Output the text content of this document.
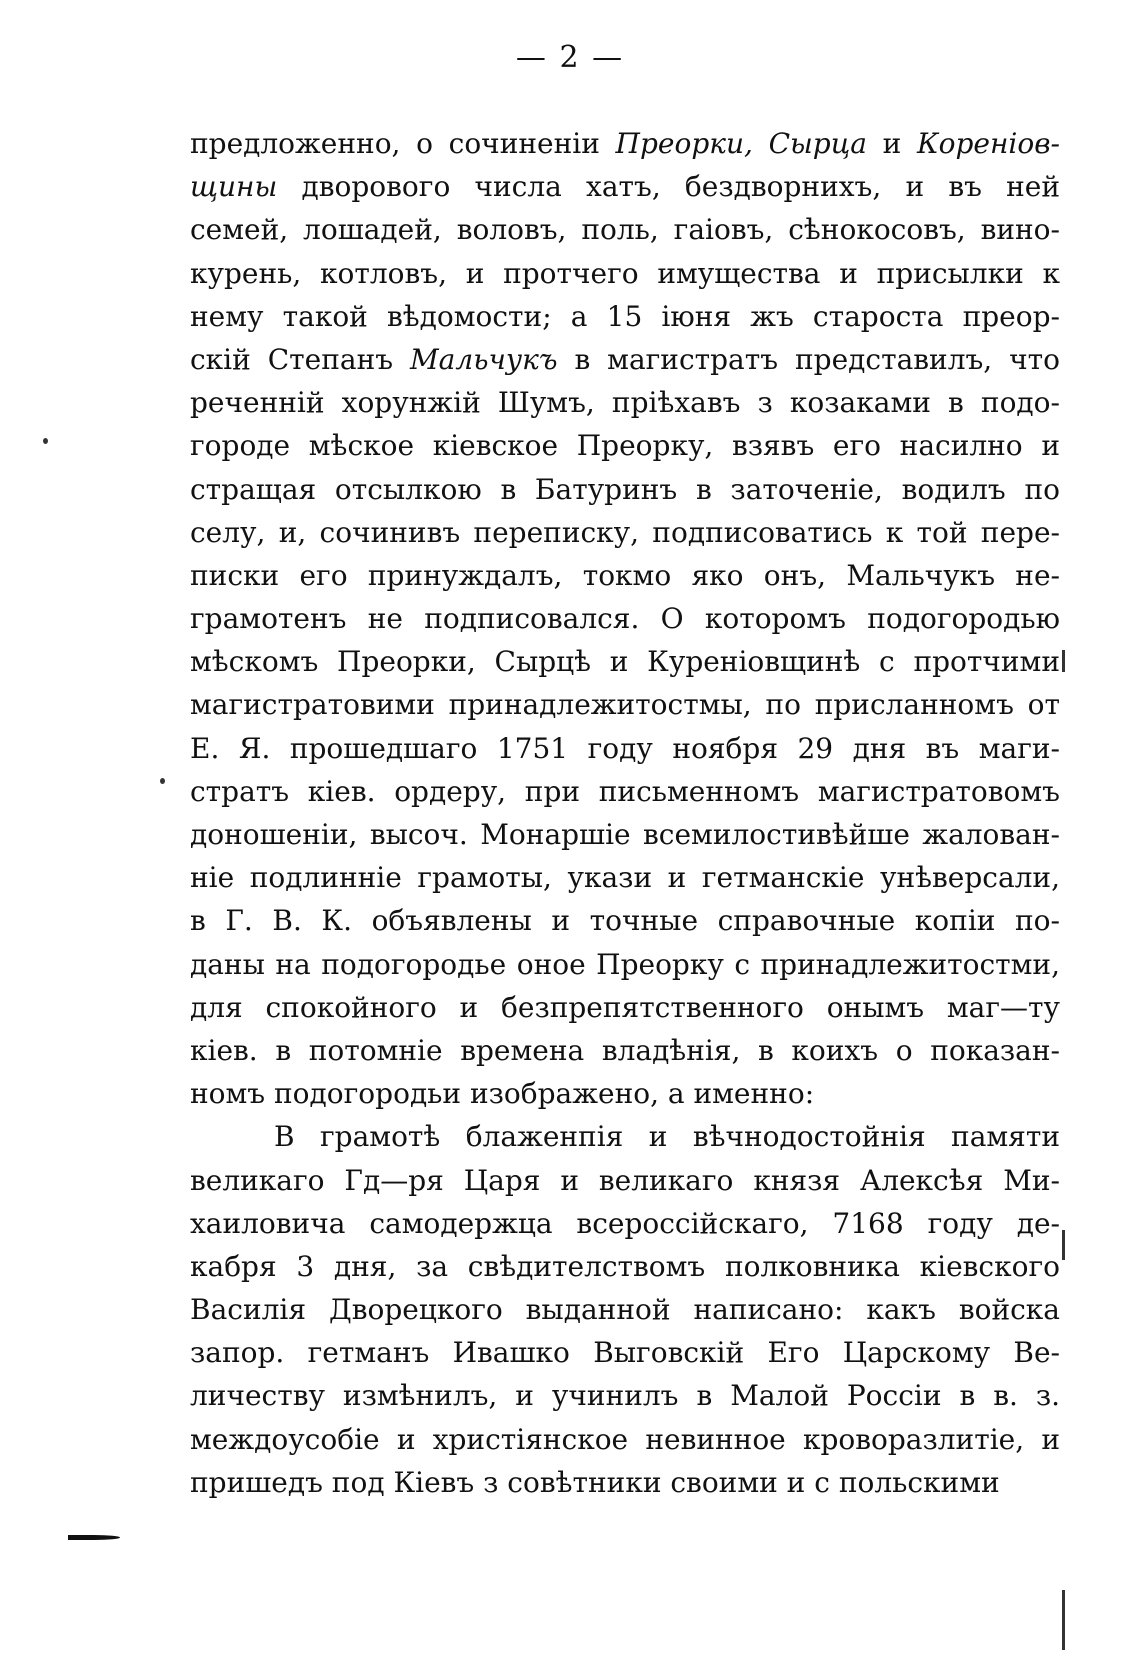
— 2 —
предложенно, о сочиненіи Преорки, Сырца и Кореніов-
щины дворового числа хатъ, бездворнихъ, и въ ней
семей, лошадей, воловъ, поль, гаіовъ, сѣнокосовъ, вино-
курень, котловъ, и протчего имущества и присылки к
нему такой вѣдомости; а 15 іюня жъ староста преор-
скій Степанъ Мальчукъ в магистратъ представилъ, что
реченній хорунжій Шумъ, пріѣхавъ з козаками в подо-
городе мѣское кіевское Преорку, взявъ его насилно и
стращая отсылкою в Батуринъ в заточеніе, водилъ по
селу, и, сочинивъ переписку, подписоватись к той пере-
писки его принуждалъ, токмо яко онъ, Мальчукъ не-
грамотенъ не подписовался. О которомъ подогородью
мѣскомъ Преорки, Сырцѣ и Куреніовщинѣ с протчими
магистратовими принадлежитостмы, по присланномъ от
Е. Я. прошедшаго 1751 году ноября 29 дня въ маги-
стратъ кіев. ордеру, при письменномъ магистратовомъ
доношеніи, высоч. Монаршіе всемилостивѣйше жалован-
ніе подлинніе грамоты, укази и гетманскіе унѣверсали,
в Г. В. К. объявлены и точные справочные копіи по-
даны на подогородье оное Преорку с принадлежитостми,
для спокойного и безпрепятственного онымъ маг—ту
кіев. в потомніе времена владѣнія, в коихъ о показан-
номъ подогородьи изображено, а именно:
В грамотѣ блаженпія и вѣчнодостойнія памяти
великаго Гд—ря Царя и великаго князя Алексѣя Ми-
хаиловича самодержца всероссійскаго, 7168 году де-
кабря 3 дня, за свѣдителствомъ полковника кіевского
Василія Дворецкого выданной написано: какъ войска
запор. гетманъ Ивашко Выговскій Его Царскому Ве-
личеству измѣнилъ, и учинилъ в Малой Россіи в в. з.
междоусобіе и христіянское невинное кроворазлитіе, и
пришедъ под Кіевъ з совѣтники своими и с польскими
